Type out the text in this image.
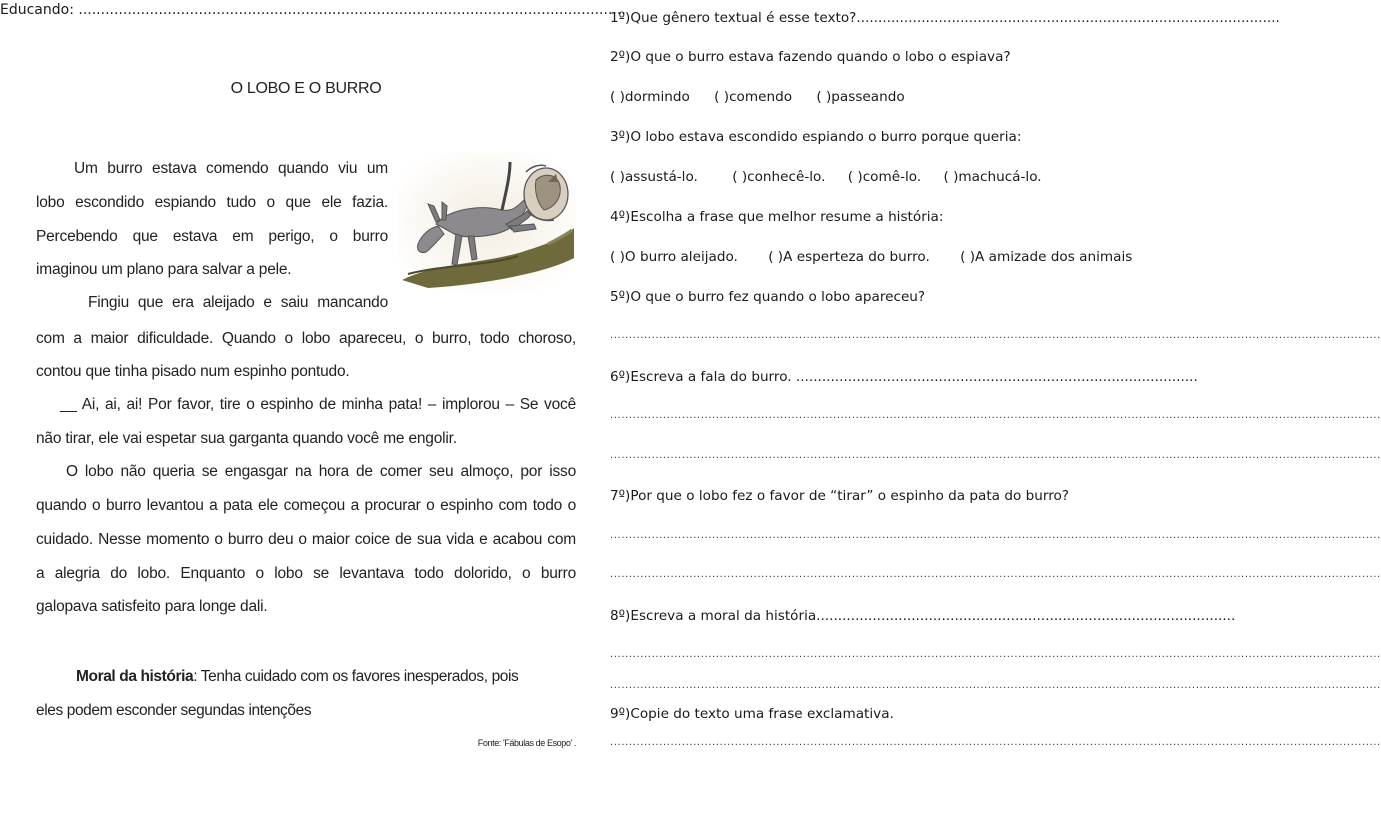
Educando: ...........................................................................................................................
O LOBO E O BURRO
Um burro estava comendo quando viu um
lobo escondido espiando tudo o que ele fazia.
Percebendo que estava em perigo, o burro
imaginou um plano para salvar a pele.
Fingiu que era aleijado e saiu mancando
com a maior dificuldade. Quando o lobo apareceu, o burro, todo choroso,
contou que tinha pisado num espinho pontudo.
__ Ai, ai, ai! Por favor, tire o espinho de minha pata! – implorou – Se você
não tirar, ele vai espetar sua garganta quando você me engolir.
O lobo não queria se engasgar na hora de comer seu almoço, por isso
quando o burro levantou a pata ele começou a procurar o espinho com todo o
cuidado. Nesse momento o burro deu o maior coice de sua vida e acabou com
a alegria do lobo. Enquanto o lobo se levantava todo dolorido, o burro
galopava satisfeito para longe dali.
Moral da história: Tenha cuidado com os favores inesperados, pois
eles podem esconder segundas intenções
Fonte: 'Fábulas de Esopo' .
1º)Que gênero textual é esse texto?..................................................................................................
2º)O que o burro estava fazendo quando o lobo o espiava?
( )dormindo ( )comendo ( )passeando
3º)O lobo estava escondido espiando o burro porque queria:
( )assustá-lo.	( )conhecê-lo. ( )comê-lo. ( )machucá-lo.
4º)Escolha a frase que melhor resume a história:
( )O burro aleijado. ( )A esperteza do burro. ( )A amizade dos animais
5º)O que o burro fez quando o lobo apareceu?
............................................................................................................................................................................................................
6º)Escreva a fala do burro. .............................................................................................
............................................................................................................................................................................................................
............................................................................................................................................................................................................
7º)Por que o lobo fez o favor de “tirar” o espinho da pata do burro?
............................................................................................................................................................................................................
............................................................................................................................................................................................................
8º)Escreva a moral da história.................................................................................................
............................................................................................................................................................................................................
............................................................................................................................................................................................................
9º)Copie do texto uma frase exclamativa.
............................................................................................................................................................................................................
